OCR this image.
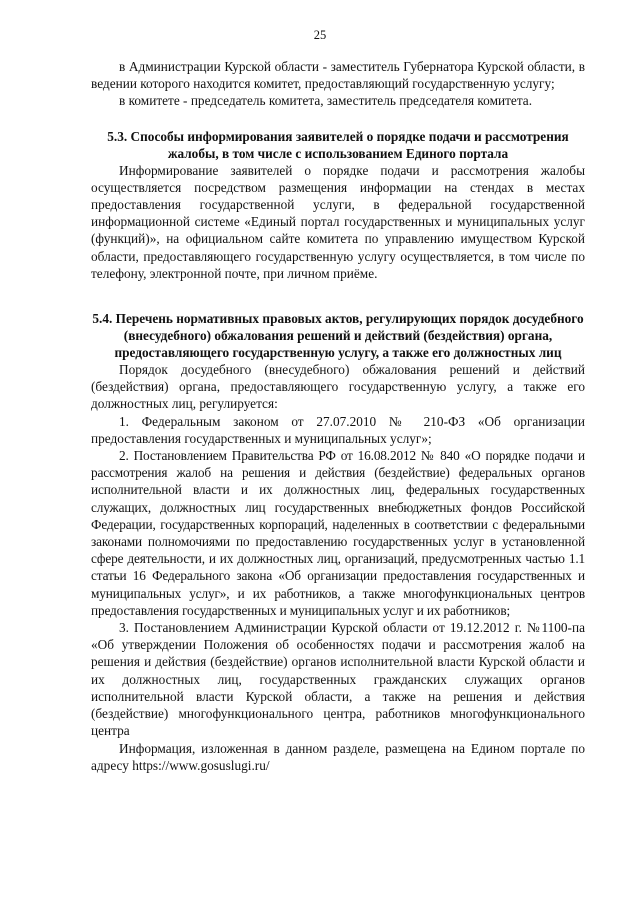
25

в Администрации Курской области - заместитель Губернатора Курской области, в ведении которого находится комитет, предоставляющий государственную услугу;

в комитете - председатель комитета, заместитель председателя комитета.

5.3. Способы информирования заявителей о порядке подачи и рассмотрения жалобы, в том числе с использованием Единого портала

Информирование заявителей о порядке подачи и рассмотрения жалобы осуществляется посредством размещения информации на стендах в местах предоставления государственной услуги, в федеральной государственной информационной системе «Единый портал государственных и муниципальных услуг (функций)», на официальном сайте комитета по управлению имуществом Курской области, предоставляющего государственную услугу осуществляется, в том числе по телефону, электронной почте, при личном приёме.

5.4. Перечень нормативных правовых актов, регулирующих порядок досудебного (внесудебного) обжалования решений и действий (бездействия) органа, предоставляющего государственную услугу, а также его должностных лиц

Порядок досудебного (внесудебного) обжалования решений и действий (бездействия) органа, предоставляющего государственную услугу, а также его должностных лиц, регулируется:

1. Федеральным законом от 27.07.2010 № 210-ФЗ «Об организации предоставления государственных и муниципальных услуг»;

2. Постановлением Правительства РФ от 16.08.2012 № 840 «О порядке подачи и рассмотрения жалоб на решения и действия (бездействие) федеральных органов исполнительной власти и их должностных лиц, федеральных государственных служащих, должностных лиц государственных внебюджетных фондов Российской Федерации, государственных корпораций, наделенных в соответствии с федеральными законами полномочиями по предоставлению государственных услуг в установленной сфере деятельности, и их должностных лиц, организаций, предусмотренных частью 1.1 статьи 16 Федерального закона «Об организации предоставления государственных и муниципальных услуг», и их работников, а также многофункциональных центров предоставления государственных и муниципальных услуг и их работников;

3. Постановлением Администрации Курской области от 19.12.2012 г. №1100-па «Об утверждении Положения об особенностях подачи и рассмотрения жалоб на решения и действия (бездействие) органов исполнительной власти Курской области и их должностных лиц, государственных гражданских служащих органов исполнительной власти Курской области, а также на решения и действия (бездействие) многофункционального центра, работников многофункционального центра

Информация, изложенная в данном разделе, размещена на Едином портале по адресу https://www.gosuslugi.ru/
